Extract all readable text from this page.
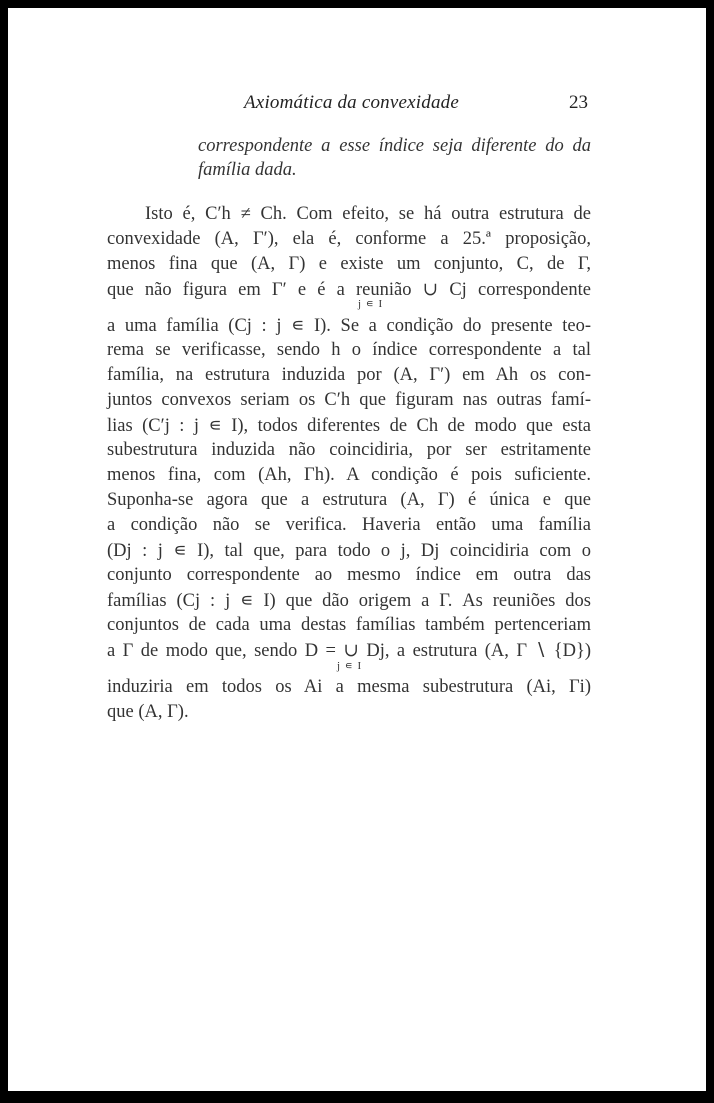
Axiomática da convexidade	23
correspondente a esse índice seja diferente do da
família dada.
Isto é, C′h ≠ Ch. Com efeito, se há outra estrutura de
convexidade (A, Γ′), ela é, conforme a 25.ª proposição,
menos fina que (A, Γ) e existe um conjunto, C, de Γ,
que não figura em Γ′ e é a reunião ∪ Cj correspondente
j ∊ I
a uma família (Cj : j ∊ I). Se a condição do presente teo-
rema se verificasse, sendo h o índice correspondente a tal
família, na estrutura induzida por (A, Γ′) em Ah os con-
juntos convexos seriam os C′h que figuram nas outras famí-
lias (C′j : j ∊ I), todos diferentes de Ch de modo que esta
subestrutura induzida não coincidiria, por ser estritamente
menos fina, com (Ah, Γh). A condição é pois suficiente.
Suponha-se agora que a estrutura (A, Γ) é única e que
a condição não se verifica. Haveria então uma família
(Dj : j ∊ I), tal que, para todo o j, Dj coincidiria com o
conjunto correspondente ao mesmo índice em outra das
famílias (Cj : j ∊ I) que dão origem a Γ. As reuniões dos
conjuntos de cada uma destas famílias também pertenceriam
a Γ de modo que, sendo D = ∪ Dj, a estrutura (A, Γ ∖ {D})
j ∊ I
induziria em todos os Ai a mesma subestrutura (Ai, Γi)
que (A, Γ).
